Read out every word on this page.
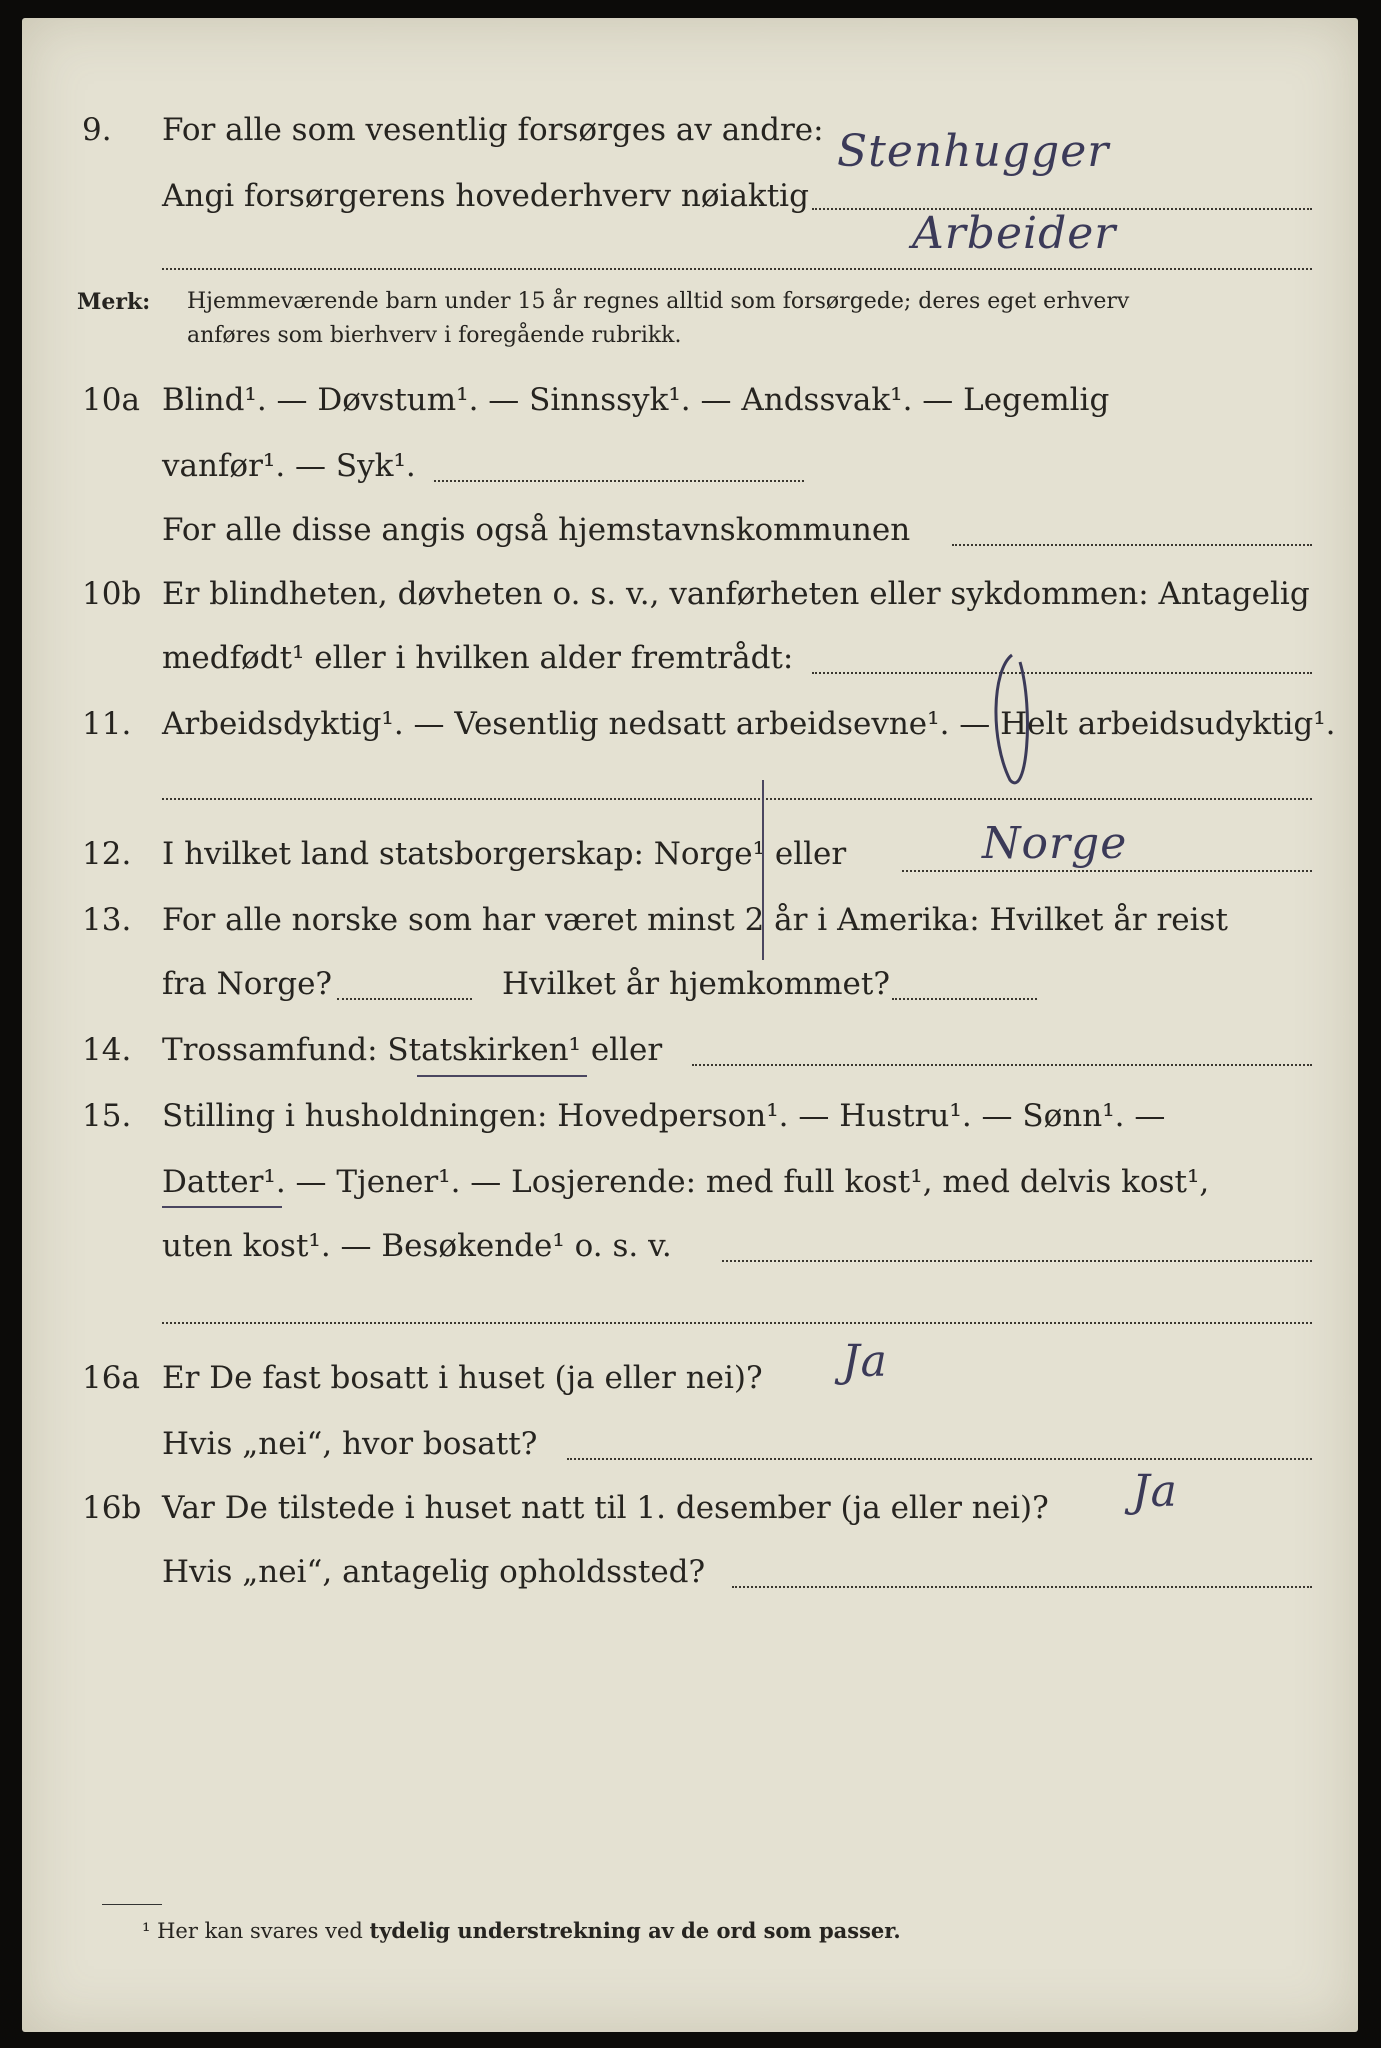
9. For alle som vesentlig forsørges av andre: Stenhugger
Angi forsørgerens hovederhverv nøiaktig
Arbeider
Merk: Hjemmeværende barn under 15 år regnes alltid som forsørgede; deres eget erhverv
anføres som bierhverv i foregående rubrikk.
10a Blind¹. — Døvstum¹. — Sinnssyk¹. — Andssvak¹. — Legemlig
vanfør¹. — Syk¹.
For alle disse angis også hjemstavnskommunen
10b Er blindheten, døvheten o. s. v., vanførheten eller sykdommen: Antagelig
medfødt¹ eller i hvilken alder fremtrådt:
11. Arbeidsdyktig¹. — Vesentlig nedsatt arbeidsevne¹. — Helt arbeidsudyktig¹.
12. I hvilket land statsborgerskap: Norge¹ eller	Norge
13. For alle norske som har været minst 2 år i Amerika: Hvilket år reist
fra Norge?	Hvilket år hjemkommet?
14. Trossamfund: Statskirken¹ eller
15. Stilling i husholdningen: Hovedperson¹. — Hustru¹. — Sønn¹. —
Datter¹. — Tjener¹. — Losjerende: med full kost¹, med delvis kost¹,
uten kost¹. — Besøkende¹ o. s. v.
16a Er De fast bosatt i huset (ja eller nei)? Ja
Hvis „nei“, hvor bosatt?
16b Var De tilstede i huset natt til 1. desember (ja eller nei)? Ja
Hvis „nei“, antagelig opholdssted?
¹ Her kan svares ved tydelig understrekning av de ord som passer.
